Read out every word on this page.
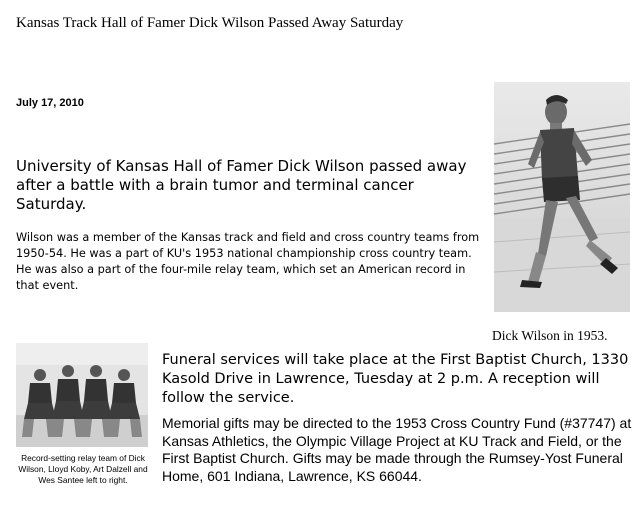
Kansas Track Hall of Famer Dick Wilson Passed Away Saturday
July 17, 2010
University of Kansas Hall of Famer Dick Wilson passed away after a battle with a brain tumor and terminal cancer Saturday.
Wilson was a member of the Kansas track and field and cross country teams from 1950-54. He was a part of KU's 1953 national championship cross country team. He was also a part of the four-mile relay team, which set an American record in that event.
Dick Wilson in 1953.
Record-setting relay team of Dick Wilson, Lloyd Koby, Art Dalzell and Wes Santee left to right.
Funeral services will take place at the First Baptist Church, 1330 Kasold Drive in Lawrence, Tuesday at 2 p.m. A reception will follow the service.
Memorial gifts may be directed to the 1953 Cross Country Fund (#37747) at Kansas Athletics, the Olympic Village Project at KU Track and Field, or the First Baptist Church. Gifts may be made through the Rumsey-Yost Funeral Home, 601 Indiana, Lawrence, KS 66044.
